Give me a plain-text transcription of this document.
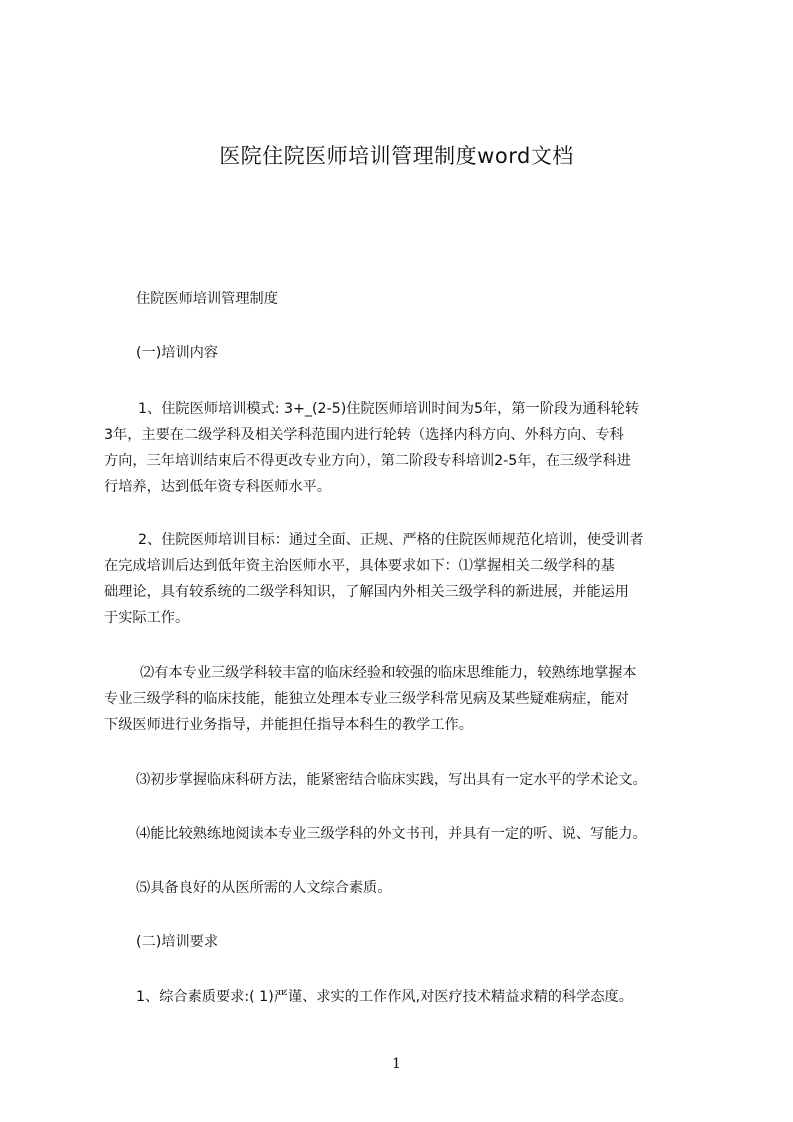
医院住院医师培训管理制度word文档
住院医师培训管理制度
(一)培训内容
1、住院医师培训模式: 3+_(2-5)住院医师培训时间为5年，第一阶段为通科轮转
3年，主要在二级学科及相关学科范围内进行轮转（选择内科方向、外科方向、专科
方向，三年培训结束后不得更改专业方向），第二阶段专科培训2-5年，在三级学科进
行培养，达到低年资专科医师水平。
2、住院医师培训目标：通过全面、正规、严格的住院医师规范化培训，使受训者
在完成培训后达到低年资主治医师水平，具体要求如下：⑴掌握相关二级学科的基
础理论，具有较系统的二级学科知识，了解国内外相关三级学科的新进展，并能运用
于实际工作。
⑵有本专业三级学科较丰富的临床经验和较强的临床思维能力，较熟练地掌握本
专业三级学科的临床技能，能独立处理本专业三级学科常见病及某些疑难病症，能对
下级医师进行业务指导，并能担任指导本科生的教学工作。
⑶初步掌握临床科研方法，能紧密结合临床实践，写出具有一定水平的学术论文。
⑷能比较熟练地阅读本专业三级学科的外文书刊，并具有一定的听、说、写能力。
⑸具备良好的从医所需的人文综合素质。
(二)培训要求
1、综合素质要求:( 1)严谨、求实的工作作风,对医疗技术精益求精的科学态度。
1
